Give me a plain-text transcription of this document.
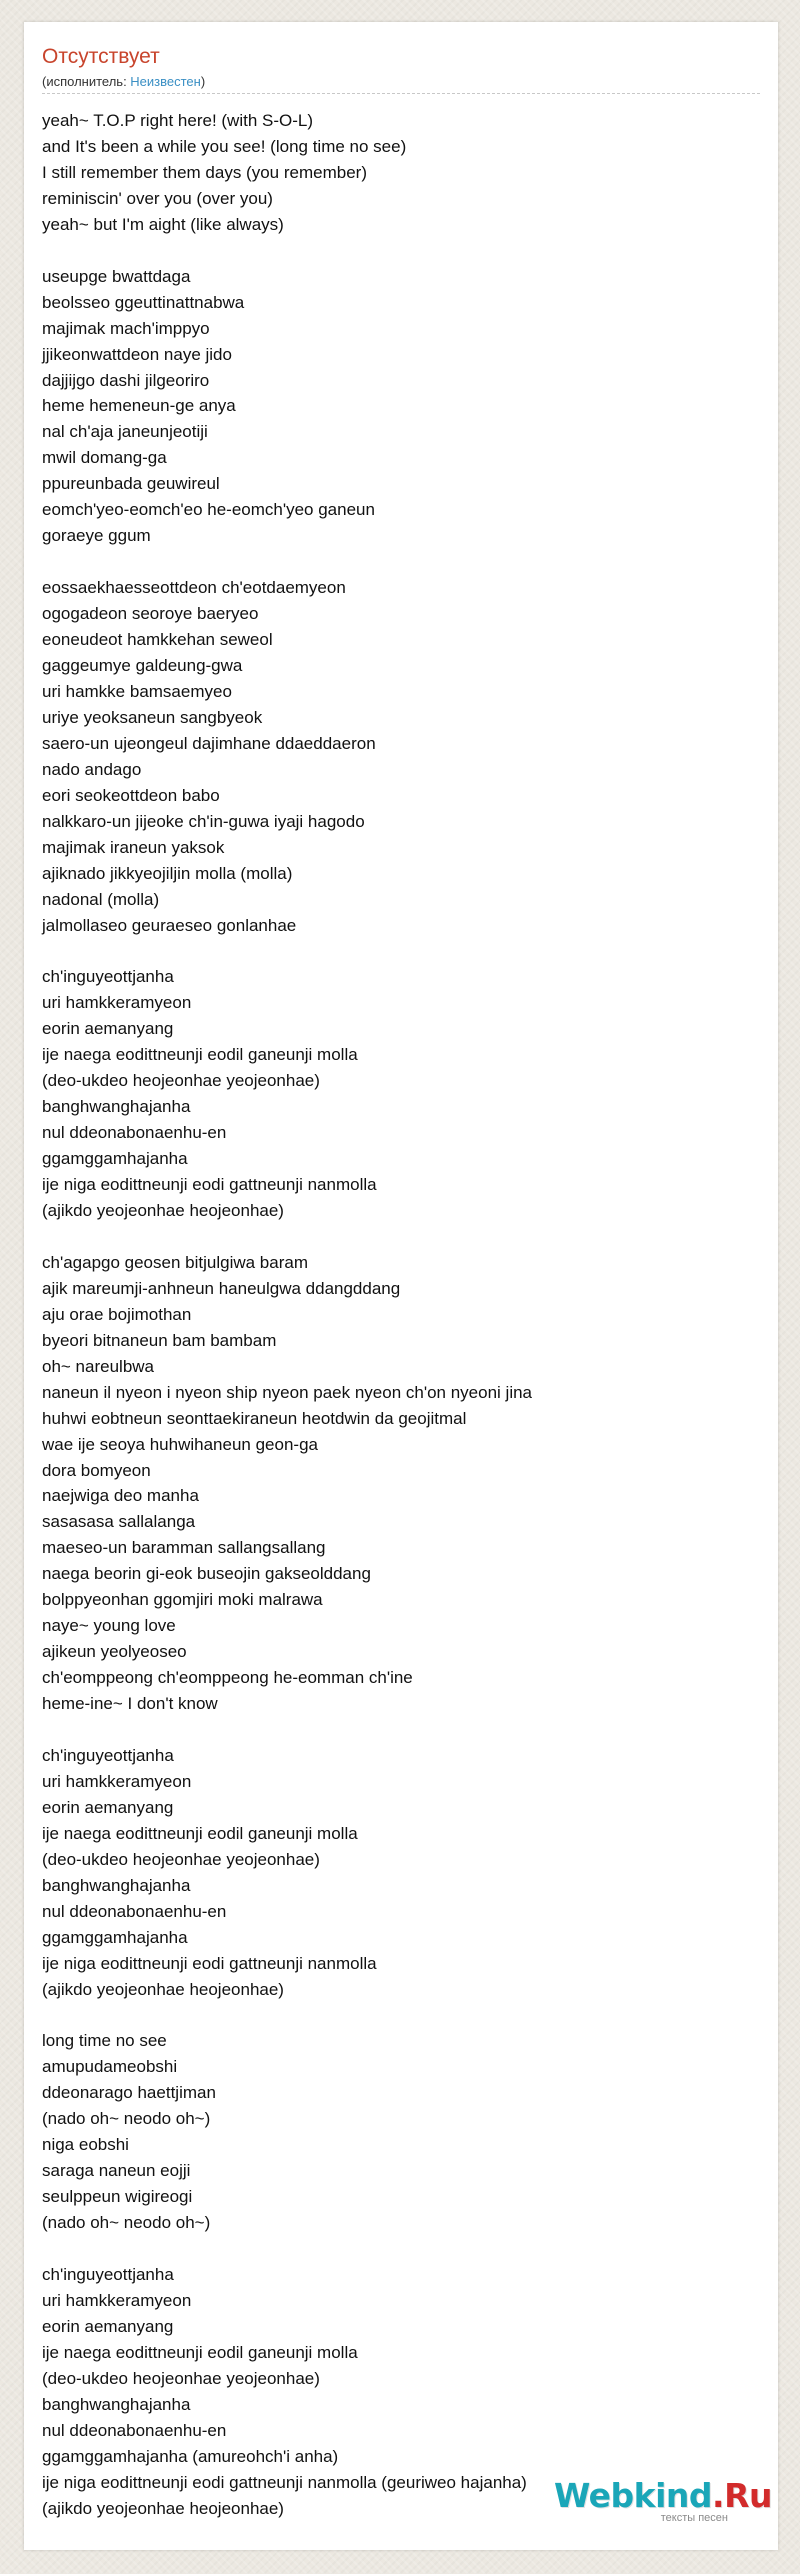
Отсутствует
(исполнитель: Неизвестен)
yeah~ T.O.P right here! (with S-O-L)
and It's been a while you see! (long time no see)
I still remember them days (you remember)
reminiscin' over you (over you)
yeah~ but I'm aight (like always)
useupge bwattdaga
beolsseo ggeuttinattnabwa
majimak mach'imppyo
jjikeonwattdeon naye jido
dajjijgo dashi jilgeoriro
heme hemeneun-ge anya
nal ch'aja janeunjeotiji
mwil domang-ga
ppureunbada geuwireul
eomch'yeo-eomch'eo he-eomch'yeo ganeun
goraeye ggum
eossaekhaesseottdeon ch'eotdaemyeon
ogogadeon seoroye baeryeo
eoneudeot hamkkehan seweol
gaggeumye galdeung-gwa
uri hamkke bamsaemyeo
uriye yeoksaneun sangbyeok
saero-un ujeongeul dajimhane ddaeddaeron
nado andago
eori seokeottdeon babo
nalkkaro-un jijeoke ch'in-guwa iyaji hagodo
majimak iraneun yaksok
ajiknado jikkyeojiljin molla (molla)
nadonal (molla)
jalmollaseo geuraeseo gonlanhae
ch'inguyeottjanha
uri hamkkeramyeon
eorin aemanyang
ije naega eodittneunji eodil ganeunji molla
(deo-ukdeo heojeonhae yeojeonhae)
banghwanghajanha
nul ddeonabonaenhu-en
ggamggamhajanha
ije niga eodittneunji eodi gattneunji nanmolla
(ajikdo yeojeonhae heojeonhae)
ch'agapgo geosen bitjulgiwa baram
ajik mareumji-anhneun haneulgwa ddangddang
aju orae bojimothan
byeori bitnaneun bam bambam
oh~ nareulbwa
naneun il nyeon i nyeon ship nyeon paek nyeon ch'on nyeoni jina
huhwi eobtneun seonttaekiraneun heotdwin da geojitmal
wae ije seoya huhwihaneun geon-ga
dora bomyeon
naejwiga deo manha
sasasasa sallalanga
maeseo-un baramman sallangsallang
naega beorin gi-eok buseojin gakseolddang
bolppyeonhan ggomjiri moki malrawa
naye~ young love
ajikeun yeolyeoseo
ch'eomppeong ch'eomppeong he-eomman ch'ine
heme-ine~ I don't know
ch'inguyeottjanha
uri hamkkeramyeon
eorin aemanyang
ije naega eodittneunji eodil ganeunji molla
(deo-ukdeo heojeonhae yeojeonhae)
banghwanghajanha
nul ddeonabonaenhu-en
ggamggamhajanha
ije niga eodittneunji eodi gattneunji nanmolla
(ajikdo yeojeonhae heojeonhae)
long time no see
amupudameobshi
ddeonarago haettjiman
(nado oh~ neodo oh~)
niga eobshi
saraga naneun eojji
seulppeun wigireogi
(nado oh~ neodo oh~)
ch'inguyeottjanha
uri hamkkeramyeon
eorin aemanyang
ije naega eodittneunji eodil ganeunji molla
(deo-ukdeo heojeonhae yeojeonhae)
banghwanghajanha
nul ddeonabonaenhu-en
ggamggamhajanha (amureohch'i anha)
ije niga eodittneunji eodi gattneunji nanmolla (geuriweo hajanha)
(ajikdo yeojeonhae heojeonhae)	Webkind.Ru
тексты песен
